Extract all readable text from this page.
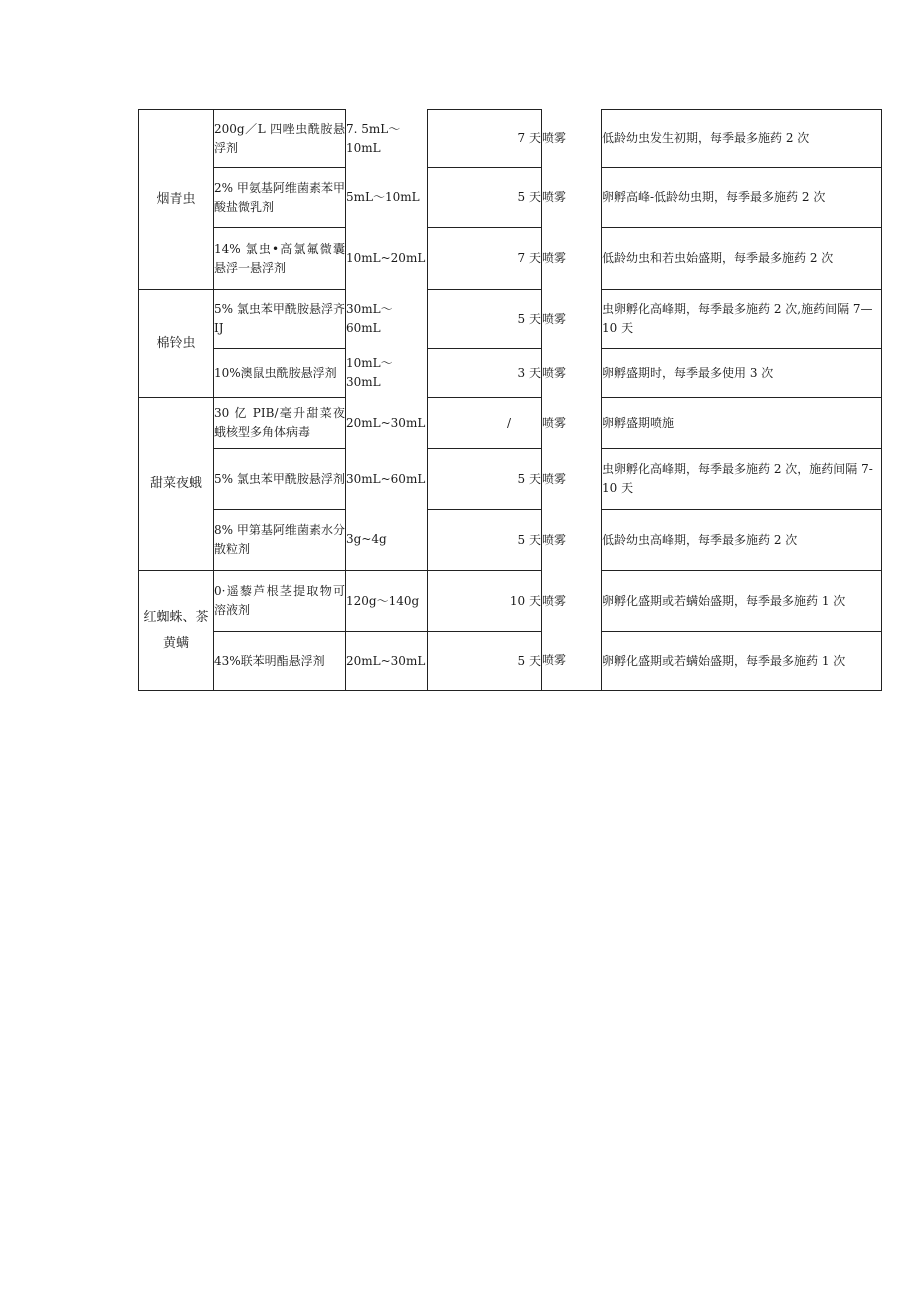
烟青虫	200g／L 四唑虫酰胺悬浮剂	7. 5mL～10mL	7 天	喷雾	低龄幼虫发生初期，每季最多施药 2 次
	2% 甲氨基阿维菌素苯甲酸盐微乳剂	5mL～10mL	5 天	喷雾	卵孵高峰-低龄幼虫期，每季最多施药 2 次
	14% 氯虫•高氯氟微囊悬浮一悬浮剂	10mL~20mL	7 天	喷雾	低龄幼虫和若虫始盛期，每季最多施药 2 次
棉铃虫	5% 氯虫苯甲酰胺悬浮齐 IJ	30mL～60mL	5 天	喷雾	虫卵孵化高峰期，每季最多施药 2 次,施药间隔 7—10 天
	10%澳鼠虫酰胺悬浮剂	10mL～30mL	3 天	喷雾	卵孵盛期时，每季最多使用 3 次
甜菜夜蛾	30 亿 PIB/毫升甜菜夜蛾核型多角体病毒	20mL~30mL	/	喷雾	卵孵盛期喷施
	5% 氯虫苯甲酰胺悬浮剂	30mL~60mL	5 天	喷雾	虫卵孵化高峰期，每季最多施药 2 次，施药间隔 7-10 天
	8% 甲第基阿维菌素水分散粒剂	3g~4g	5 天	喷雾	低龄幼虫高峰期，每季最多施药 2 次
红蜘蛛、茶黄螨	0·遥藜芦根茎提取物可溶液剂	120g～140g	10 天	喷雾	卵孵化盛期或若螨始盛期，每季最多施药 1 次
	43%联苯明酯悬浮剂	20mL~30mL	5 天	喷雾	卵孵化盛期或若螨始盛期，每季最多施药 1 次
